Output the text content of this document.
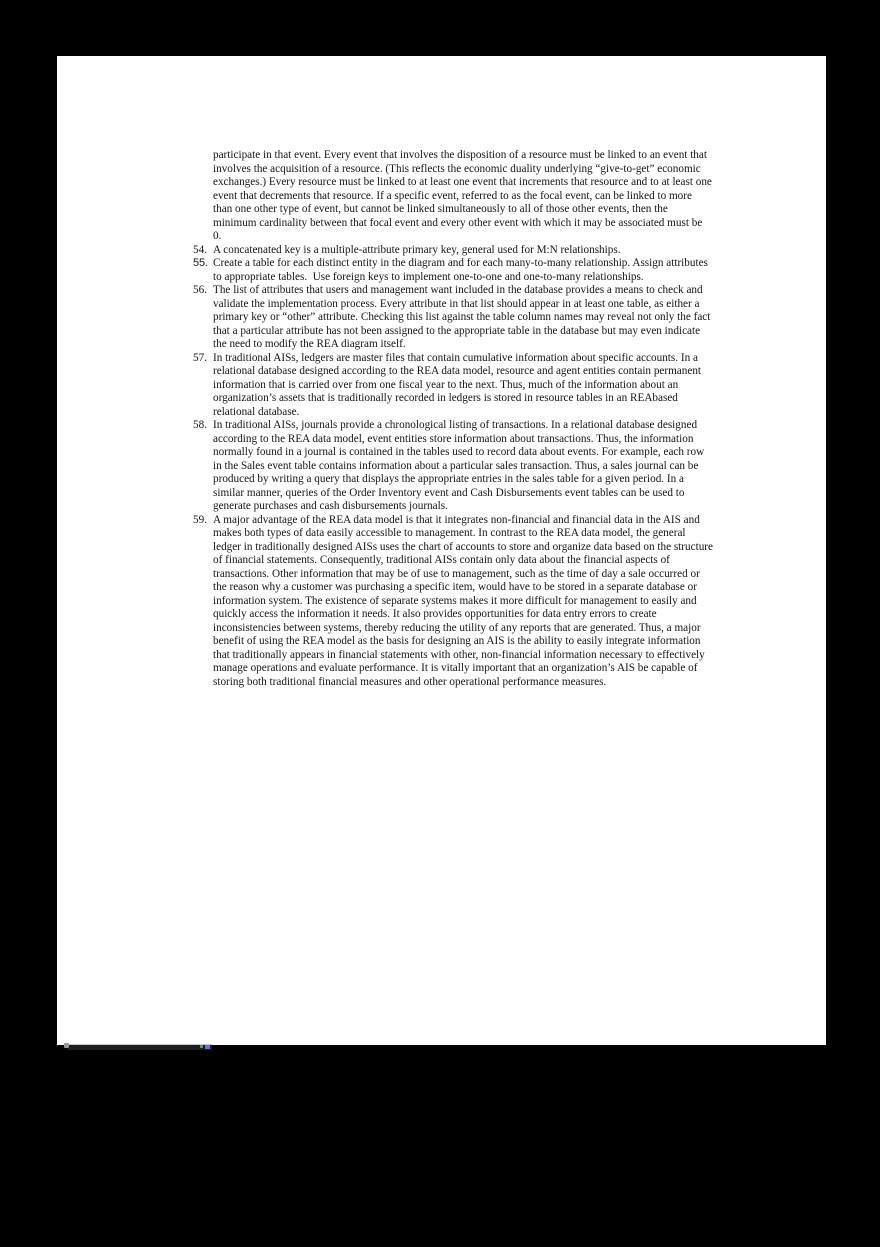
participate in that event. Every event that involves the disposition of a resource must be linked to an event that involves the acquisition of a resource. (This reflects the economic duality underlying “give-to-get” economic exchanges.) Every resource must be linked to at least one event that increments that resource and to at least one event that decrements that resource. If a specific event, referred to as the focal event, can be linked to more than one other type of event, but cannot be linked simultaneously to all of those other events, then the minimum cardinality between that focal event and every other event with which it may be associated must be 0.

54. A concatenated key is a multiple-attribute primary key, general used for M:N relationships.
55. Create a table for each distinct entity in the diagram and for each many-to-many relationship. Assign attributes to appropriate tables.  Use foreign keys to implement one-to-one and one-to-many relationships.
56. The list of attributes that users and management want included in the database provides a means to check and validate the implementation process. Every attribute in that list should appear in at least one table, as either a primary key or “other” attribute. Checking this list against the table column names may reveal not only the fact that a particular attribute has not been assigned to the appropriate table in the database but may even indicate the need to modify the REA diagram itself.
57. In traditional AISs, ledgers are master files that contain cumulative information about specific accounts. In a relational database designed according to the REA data model, resource and agent entities contain permanent information that is carried over from one fiscal year to the next. Thus, much of the information about an organization’s assets that is traditionally recorded in ledgers is stored in resource tables in an REAbased relational database.
58. In traditional AISs, journals provide a chronological listing of transactions. In a relational database designed according to the REA data model, event entities store information about transactions. Thus, the information normally found in a journal is contained in the tables used to record data about events. For example, each row in the Sales event table contains information about a particular sales transaction. Thus, a sales journal can be produced by writing a query that displays the appropriate entries in the sales table for a given period. In a similar manner, queries of the Order Inventory event and Cash Disbursements event tables can be used to generate purchases and cash disbursements journals.
59. A major advantage of the REA data model is that it integrates non-financial and financial data in the AIS and makes both types of data easily accessible to management. In contrast to the REA data model, the general ledger in traditionally designed AISs uses the chart of accounts to store and organize data based on the structure of financial statements. Consequently, traditional AISs contain only data about the financial aspects of transactions. Other information that may be of use to management, such as the time of day a sale occurred or the reason why a customer was purchasing a specific item, would have to be stored in a separate database or information system. The existence of separate systems makes it more difficult for management to easily and quickly access the information it needs. It also provides opportunities for data entry errors to create inconsistencies between systems, thereby reducing the utility of any reports that are generated. Thus, a major benefit of using the REA model as the basis for designing an AIS is the ability to easily integrate information that traditionally appears in financial statements with other, non-financial information necessary to effectively manage operations and evaluate performance. It is vitally important that an organization’s AIS be capable of storing both traditional financial measures and other operational performance measures.
